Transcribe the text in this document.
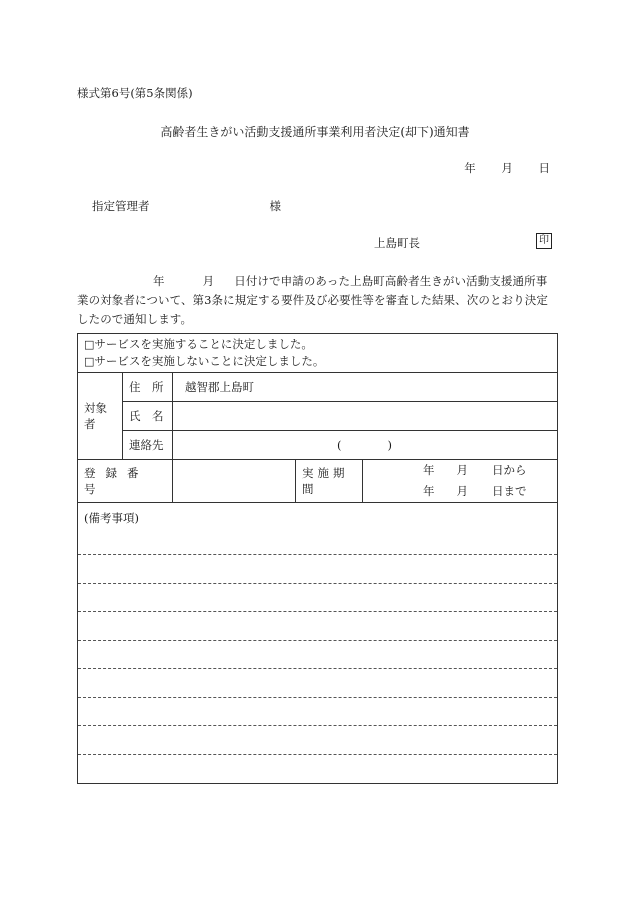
様式第6号(第5条関係)
高齢者生きがい活動支援通所事業利用者決定(却下)通知書
年 月 日
指定管理者	様
上島町長	印
年	月 日付けで申請のあった上島町高齢者生きがい活動支援通所事業の対象者について、第3条に規定する要件及び必要性等を審査した結果、次のとおり決定したので通知します。
□サービスを実施することに決定しました。
□サービスを実施しないことに決定しました。				

対象者	住　所	越智郡上島町		
	氏　名			
	連絡先	( )		
登録番号			実施期間	年 月 日から
年 月 日まで

(備考事項)				
